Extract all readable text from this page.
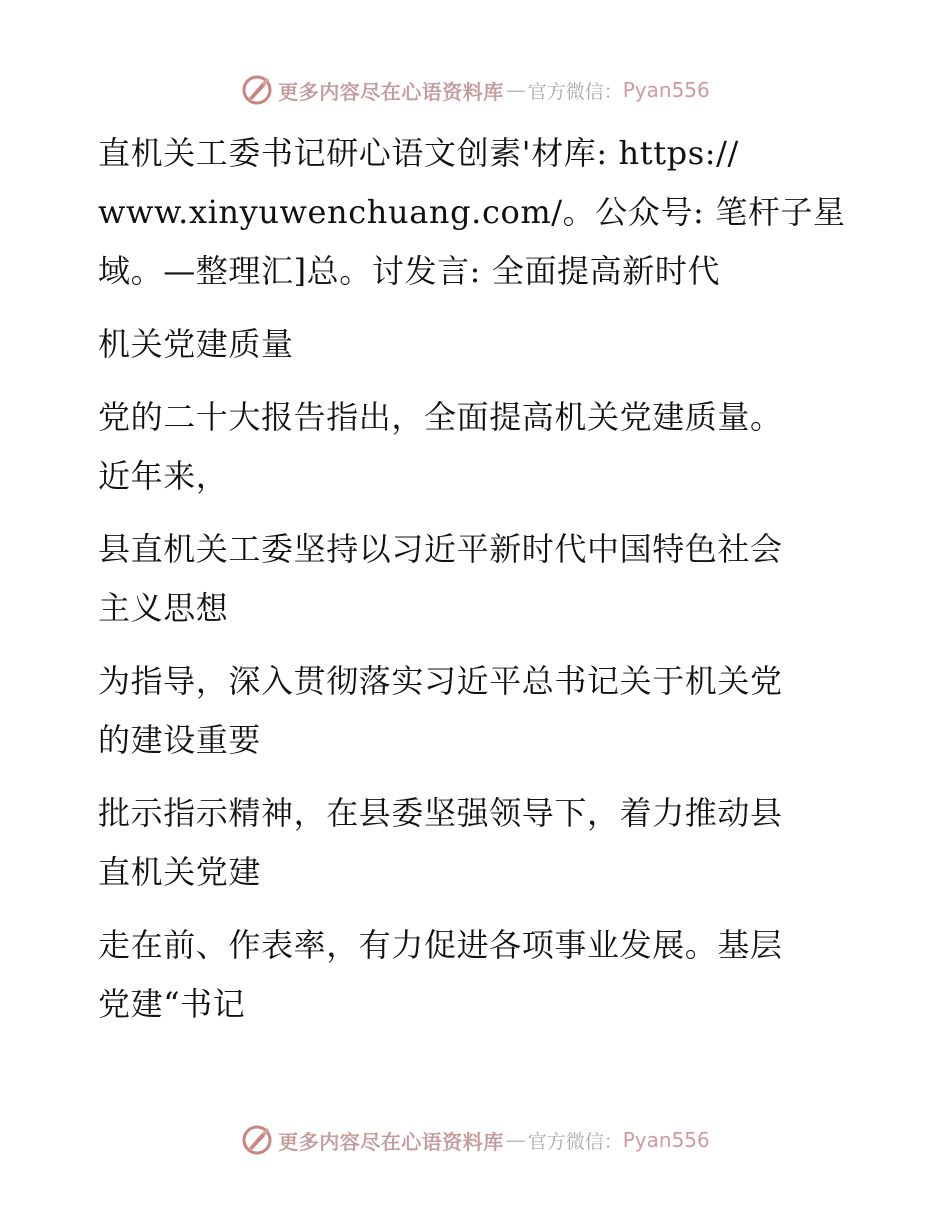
更多内容尽在心语资料库 — 官方微信： Pyan556
直机关工委书记研心语文创素'材库: https://
www.xinyuwenchuang.com/。公众号: 笔杆子星
域。—整理汇]总。讨发言: 全面提高新时代
机关党建质量
党的二十大报告指出，全面提高机关党建质量。
近年来，
县直机关工委坚持以习近平新时代中国特色社会
主义思想
为指导，深入贯彻落实习近平总书记关于机关党
的建设重要
批示指示精神，在县委坚强领导下，着力推动县
直机关党建
走在前、作表率，有力促进各项事业发展。基层
党建“书记
更多内容尽在心语资料库 — 官方微信： Pyan556
